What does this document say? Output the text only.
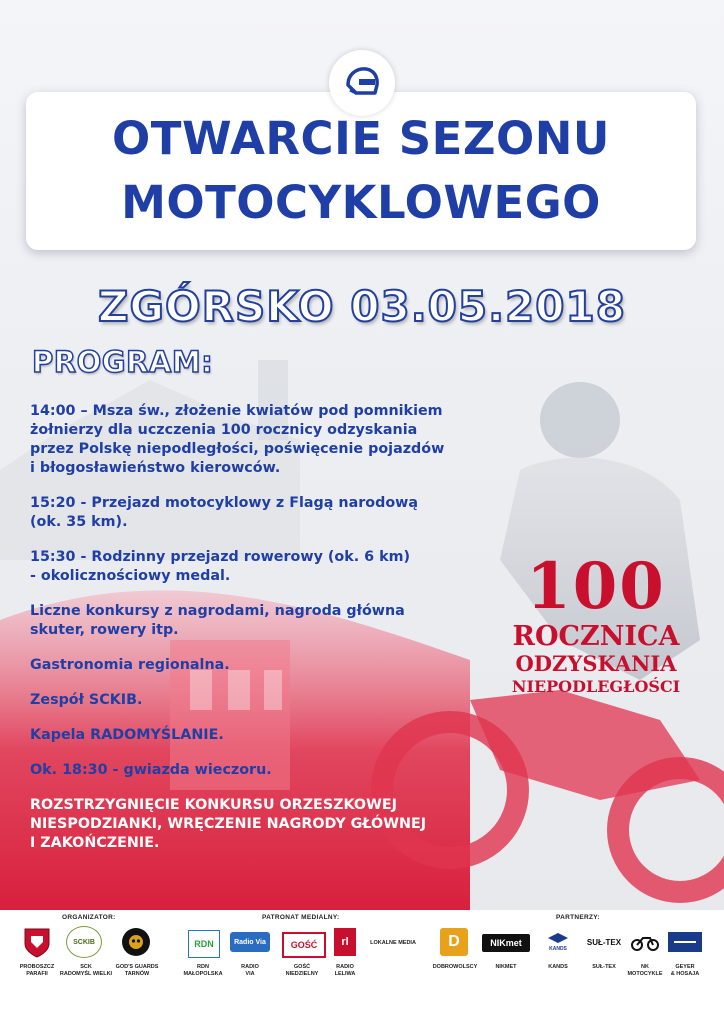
OTWARCIE SEZONU
MOTOCYKLOWEGO
ZGÓRSKO 03.05.2018
PROGRAM:

14:00 – Msza św., złożenie kwiatów pod pomnikiem
żołnierzy dla uczczenia 100 rocznicy odzyskania
przez Polskę niepodległości, poświęcenie pojazdów
i błogosławieństwo kierowców.

15:20 - Przejazd motocyklowy z Flagą narodową
(ok. 35 km).

15:30 - Rodzinny przejazd rowerowy (ok. 6 km)
- okolicznościowy medal.

Liczne konkursy z nagrodami, nagroda główna
skuter, rowery itp.

Gastronomia regionalna.

Zespół SCKIB.

Kapela RADOMYŚLANIE.

Ok. 18:30 - gwiazda wieczoru.

ROZSTRZYGNIĘCIE KONKURSU ORZESZKOWEJ
NIESPODZIANKI, WRĘCZENIE NAGRODY GŁÓWNEJ
I ZAKOŃCZENIE.

100
ROCZNICA
ODZYSKANIA
NIEPODLEGŁOŚCI
ORGANIZATOR:
PROBOSZCZ
PARAFII
SCKIB
SCK
RADOMYŚL WIELKI
GOD'S GUARDS
TARNÓW
PATRONAT MEDIALNY:
RDN
RDN
MAŁOPOLSKA
Radio Via
RADIO
VIA
GOŚĆ
GOŚĆ
NIEDZIELNY
rl
RADIO
LELIWA
LOKALNE MEDIA
PARTNERZY:
D
DOBROWOLSCY
NIKmet
NIKMET
KANDS
KANDS
SUŁ-TEX
SUŁ-TEX	NK
MOTOCYKLE
GEYER
& HOSAJA
